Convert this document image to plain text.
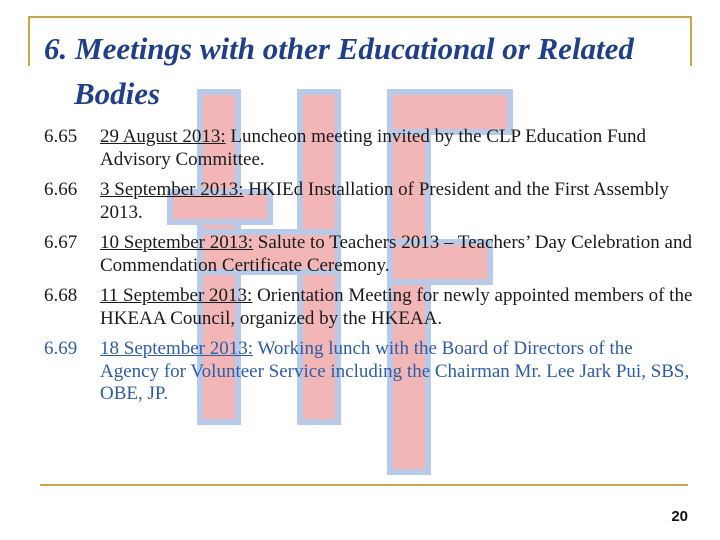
6. Meetings with other Educational or Related
Bodies
6.65	29 August 2013: Luncheon meeting invited by the CLP Education Fund Advisory Committee.
6.66	3 September 2013: HKIEd Installation of President and the First Assembly 2013.
6.67	10 September 2013: Salute to Teachers 2013 – Teachers’ Day Celebration and Commendation Certificate Ceremony.
6.68	11 September 2013: Orientation Meeting for newly appointed members of the HKEAA Council, organized by the HKEAA.
6.69	18 September 2013: Working lunch with the Board of Directors of the Agency for Volunteer Service including the Chairman Mr. Lee Jark Pui, SBS, OBE, JP.
20
